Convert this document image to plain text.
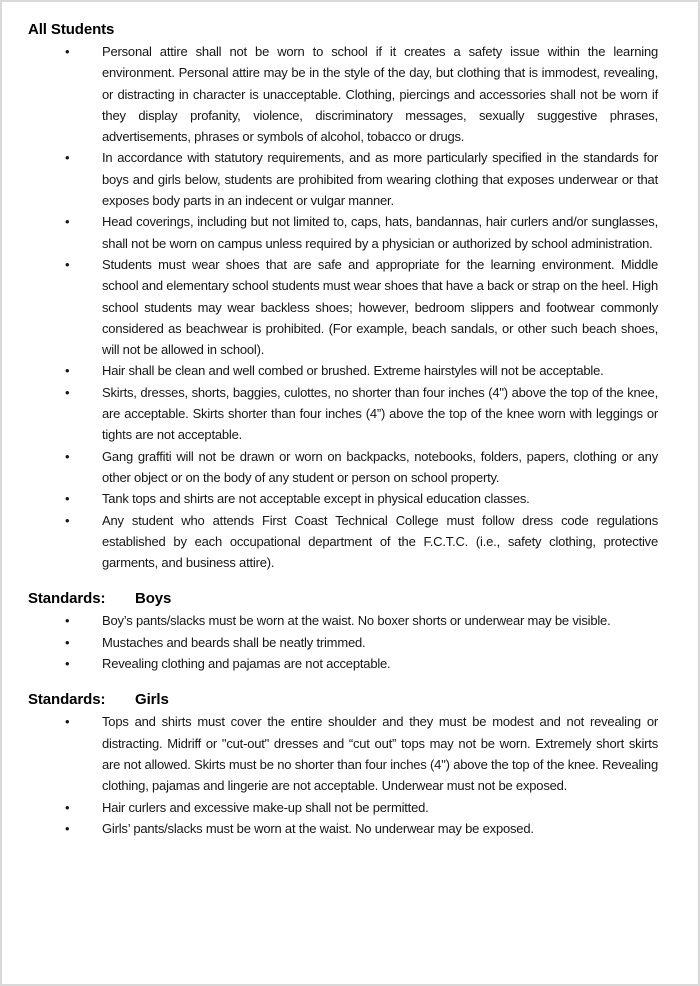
All Students
• Personal attire shall not be worn to school if it creates a safety issue within the learning environment. Personal attire may be in the style of the day, but clothing that is immodest, revealing, or distracting in character is unacceptable. Clothing, piercings and accessories shall not be worn if they display profanity, violence, discriminatory messages, sexually suggestive phrases, advertisements, phrases or symbols of alcohol, tobacco or drugs.
• In accordance with statutory requirements, and as more particularly specified in the standards for boys and girls below, students are prohibited from wearing clothing that exposes underwear or that exposes body parts in an indecent or vulgar manner.
• Head coverings, including but not limited to, caps, hats, bandannas, hair curlers and/or sunglasses, shall not be worn on campus unless required by a physician or authorized by school administration.
• Students must wear shoes that are safe and appropriate for the learning environment. Middle school and elementary school students must wear shoes that have a back or strap on the heel. High school students may wear backless shoes; however, bedroom slippers and footwear commonly considered as beachwear is prohibited. (For example, beach sandals, or other such beach shoes, will not be allowed in school).
• Hair shall be clean and well combed or brushed. Extreme hairstyles will not be acceptable.
• Skirts, dresses, shorts, baggies, culottes, no shorter than four inches (4") above the top of the knee, are acceptable. Skirts shorter than four inches (4”) above the top of the knee worn with leggings or tights are not acceptable.
• Gang graffiti will not be drawn or worn on backpacks, notebooks, folders, papers, clothing or any other object or on the body of any student or person on school property.
• Tank tops and shirts are not acceptable except in physical education classes.
• Any student who attends First Coast Technical College must follow dress code regulations established by each occupational department of the F.C.T.C. (i.e., safety clothing, protective garments, and business attire).
Standards: Boys
• Boy’s pants/slacks must be worn at the waist. No boxer shorts or underwear may be visible.
• Mustaches and beards shall be neatly trimmed.
• Revealing clothing and pajamas are not acceptable.
Standards: Girls
• Tops and shirts must cover the entire shoulder and they must be modest and not revealing or distracting. Midriff or "cut-out" dresses and “cut out” tops may not be worn. Extremely short skirts are not allowed. Skirts must be no shorter than four inches (4") above the top of the knee. Revealing clothing, pajamas and lingerie are not acceptable. Underwear must not be exposed.
• Hair curlers and excessive make-up shall not be permitted.
• Girls’ pants/slacks must be worn at the waist. No underwear may be exposed.
